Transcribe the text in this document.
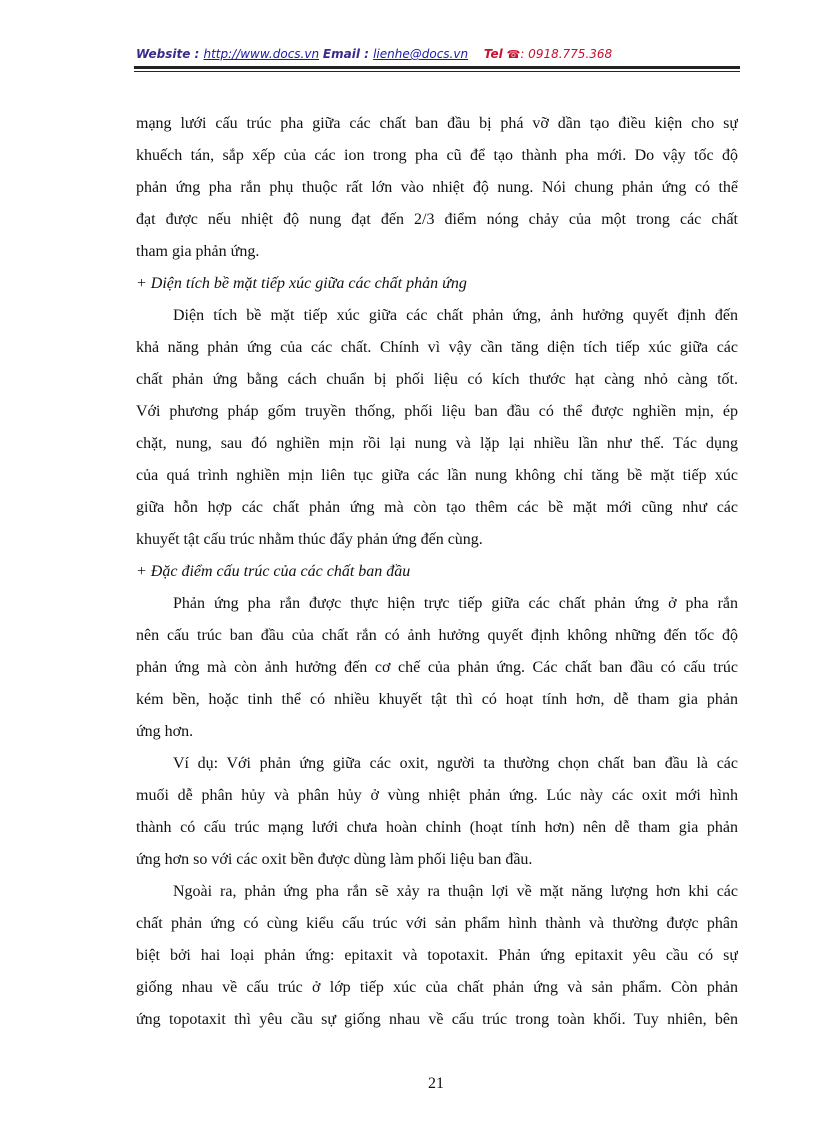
Website : http://www.docs.vn Email : lienhe@docs.vn Tel ☎: 0918.775.368
mạng lưới cấu trúc pha giữa các chất ban đầu bị phá vỡ dần tạo điều kiện cho sự
khuếch tán, sắp xếp của các ion trong pha cũ để tạo thành pha mới. Do vậy tốc độ
phản ứng pha rắn phụ thuộc rất lớn vào nhiệt độ nung. Nói chung phản ứng có thể
đạt được nếu nhiệt độ nung đạt đến 2/3 điểm nóng chảy của một trong các chất
tham gia phản ứng.
+ Diện tích bề mặt tiếp xúc giữa các chất phản ứng
Diện tích bề mặt tiếp xúc giữa các chất phản ứng, ảnh hưởng quyết định đến
khả năng phản ứng của các chất. Chính vì vậy cần tăng diện tích tiếp xúc giữa các
chất phản ứng bằng cách chuẩn bị phối liệu có kích thước hạt càng nhỏ càng tốt.
Với phương pháp gốm truyền thống, phối liệu ban đầu có thể được nghiền mịn, ép
chặt, nung, sau đó nghiền mịn rồi lại nung và lặp lại nhiều lần như thế. Tác dụng
của quá trình nghiền mịn liên tục giữa các lần nung không chỉ tăng bề mặt tiếp xúc
giữa hỗn hợp các chất phản ứng mà còn tạo thêm các bề mặt mới cũng như các
khuyết tật cấu trúc nhằm thúc đẩy phản ứng đến cùng.
+ Đặc điểm cấu trúc của các chất ban đầu
Phản ứng pha rắn được thực hiện trực tiếp giữa các chất phản ứng ở pha rắn
nên cấu trúc ban đầu của chất rắn có ảnh hưởng quyết định không những đến tốc độ
phản ứng mà còn ảnh hưởng đến cơ chế của phản ứng. Các chất ban đầu có cấu trúc
kém bền, hoặc tinh thể có nhiều khuyết tật thì có hoạt tính hơn, dễ tham gia phản
ứng hơn.
Ví dụ: Với phản ứng giữa các oxit, người ta thường chọn chất ban đầu là các
muối dễ phân hủy và phân hủy ở vùng nhiệt phản ứng. Lúc này các oxit mới hình
thành có cấu trúc mạng lưới chưa hoàn chỉnh (hoạt tính hơn) nên dễ tham gia phản
ứng hơn so với các oxit bền được dùng làm phối liệu ban đầu.
Ngoài ra, phản ứng pha rắn sẽ xảy ra thuận lợi về mặt năng lượng hơn khi các
chất phản ứng có cùng kiểu cấu trúc với sản phẩm hình thành và thường được phân
biệt bởi hai loại phản ứng: epitaxit và topotaxit. Phản ứng epitaxit yêu cầu có sự
giống nhau về cấu trúc ở lớp tiếp xúc của chất phản ứng và sản phẩm. Còn phản
ứng topotaxit thì yêu cầu sự giống nhau về cấu trúc trong toàn khối. Tuy nhiên, bên
21
